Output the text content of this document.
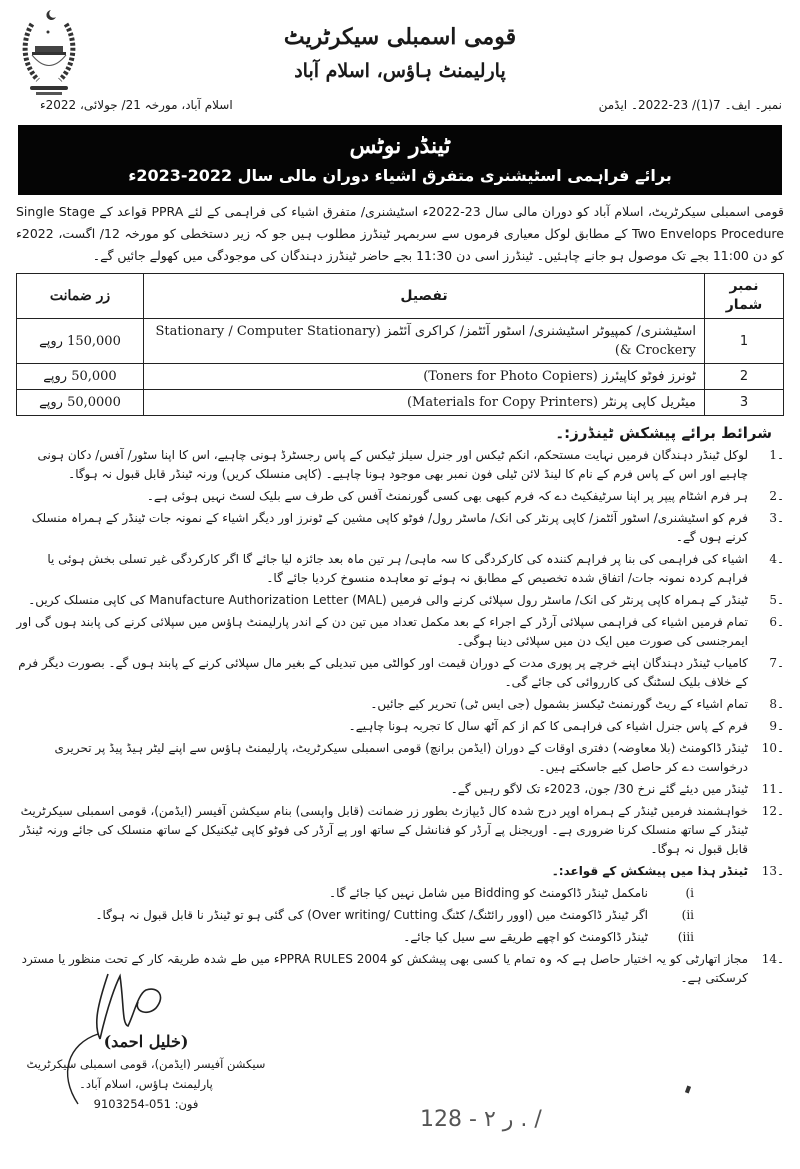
قومی اسمبلی سیکرٹریٹ
پارلیمنٹ ہاؤس، اسلام آباد
نمبر۔ ایف۔ 7(1)/ 23-2022۔ ایڈمن
اسلام آباد، مورخہ 21/ جولائی، 2022ء
ٹینڈر نوٹس
برائے فراہمی اسٹیشنری متفرق اشیاء دوران مالی سال 2022-2023ء
قومی اسمبلی سیکرٹریٹ، اسلام آباد کو دوران مالی سال 23-2022ء اسٹیشنری/ متفرق اشیاء کی فراہمی کے لئے PPRA قواعد کے Single Stage Two Envelops Procedure کے مطابق لوکل معیاری فرموں سے سربمہر ٹینڈرز مطلوب ہیں جو کہ زیر دستخطی کو مورخہ 12/ اگست، 2022ء کو دن 11:00 بجے تک موصول ہو جانے چاہئیں۔ ٹینڈرز اسی دن 11:30 بجے حاضر ٹینڈرز دہندگان کی موجودگی میں کھولے جائیں گے۔
نمبر شمار	تفصیل	زر ضمانت
1	اسٹیشنری/ کمپیوٹر اسٹیشنری/ اسٹور آئٹمز/ کراکری آئٹمز (Stationary / Computer Stationary & Crockery)	150,000 روپے
2	ٹونرز فوٹو کاپیئرز (Toners for Photo Copiers)	50,000 روپے
3	میٹریل کاپی پرنٹر (Materials for Copy Printers)	50,0000 روپے
شرائط برائے پیشکش ٹینڈرز:۔
1۔
لوکل ٹینڈر دہندگان فرمیں نہایت مستحکم، انکم ٹیکس اور جنرل سیلز ٹیکس کے پاس رجسٹرڈ ہونی چاہیے، اس کا اپنا سٹور/ آفس/ دکان ہونی چاہیے اور اس کے پاس فرم کے نام کا لینڈ لائن ٹیلی فون نمبر بھی موجود ہونا چاہیے۔ (کاپی منسلک کریں) ورنہ ٹینڈر قابل قبول نہ ہوگا۔
2۔
ہر فرم اشٹام پیپر پر اپنا سرٹیفکیٹ دے کہ فرم کبھی بھی کسی گورنمنٹ آفس کی طرف سے بلیک لسٹ نہیں ہوئی ہے۔
3۔
فرم کو اسٹیشنری/ اسٹور آئٹمز/ کاپی پرنٹر کی انک/ ماسٹر رول/ فوٹو کاپی مشین کے ٹونرز اور دیگر اشیاء کے نمونہ جات ٹینڈر کے ہمراہ منسلک کرنے ہوں گے۔
4۔
اشیاء کی فراہمی کی بنا پر فراہم کنندہ کی کارکردگی کا سہ ماہی/ ہر تین ماہ بعد جائزہ لیا جائے گا اگر کارکردگی غیر تسلی بخش ہوئی یا فراہم کردہ نمونہ جات/ اتفاق شدہ تخصیص کے مطابق نہ ہوئے تو معاہدہ منسوخ کردیا جائے گا۔
5۔
ٹینڈر کے ہمراہ کاپی پرنٹر کی انک/ ماسٹر رول سپلائی کرنے والی فرمیں Manufacture Authorization Letter (MAL) کی کاپی منسلک کریں۔
6۔
تمام فرمیں اشیاء کی فراہمی سپلائی آرڈر کے اجراء کے بعد مکمل تعداد میں تین دن کے اندر پارلیمنٹ ہاؤس میں سپلائی کرنے کی پابند ہوں گی اور ایمرجنسی کی صورت میں ایک دن میں سپلائی دینا ہوگی۔
7۔
کامیاب ٹینڈر دہندگان اپنے خرچے پر پوری مدت کے دوران قیمت اور کوالٹی میں تبدیلی کے بغیر مال سپلائی کرنے کے پابند ہوں گے۔ بصورت دیگر فرم کے خلاف بلیک لسٹنگ کی کارروائی کی جائے گی۔
8۔
تمام اشیاء کے ریٹ گورنمنٹ ٹیکسز بشمول (جی ایس ٹی) تحریر کیے جائیں۔
9۔
فرم کے پاس جنرل اشیاء کی فراہمی کا کم از کم آٹھ سال کا تجربہ ہونا چاہیے۔
10۔
ٹینڈر ڈاکومنٹ (بلا معاوضہ) دفتری اوقات کے دوران (ایڈمن برانچ) قومی اسمبلی سیکرٹریٹ، پارلیمنٹ ہاؤس سے اپنے لیٹر ہیڈ پیڈ پر تحریری درخواست دے کر حاصل کیے جاسکتے ہیں۔
11۔
ٹینڈر میں دیئے گئے نرخ 30/ جون، 2023ء تک لاگو رہیں گے۔
12۔
خواہشمند فرمیں ٹینڈر کے ہمراہ اوپر درج شدہ کال ڈیپازٹ بطور زر ضمانت (قابل واپسی) بنام سیکشن آفیسر (ایڈمن)، قومی اسمبلی سیکرٹریٹ ٹینڈر کے ساتھ منسلک کرنا ضروری ہے۔ اوریجنل پے آرڈر کو فنانشل کے ساتھ اور پے آرڈر کی فوٹو کاپی ٹیکنیکل کے ساتھ منسلک کی جائے ورنہ ٹینڈر قابل قبول نہ ہوگا۔
13۔
ٹینڈر ہذا میں پیشکش کے قواعد:۔
(i
نامکمل ٹینڈر ڈاکومنٹ کو Bidding میں شامل نہیں کیا جائے گا۔
(ii
اگر ٹینڈر ڈاکومنٹ میں (اوور رائٹنگ/ کٹنگ Over writing/ Cutting) کی گئی ہو تو ٹینڈر نا قابل قبول نہ ہوگا۔
(iii
ٹینڈر ڈاکومنٹ کو اچھے طریقے سے سیل کیا جائے۔
14۔
مجاز اتھارٹی کو یہ اختیار حاصل ہے کہ وہ تمام یا کسی بھی پیشکش کو PPRA RULES 2004ء میں طے شدہ طریقہ کار کے تحت منظور یا مسترد کرسکتی ہے۔
(خلیل احمد)
سیکشن آفیسر (ایڈمن)، قومی اسمبلی سیکرٹریٹ
پارلیمنٹ ہاؤس، اسلام آباد۔
فون: 051-9103254
ر ٢ - 128 . /
